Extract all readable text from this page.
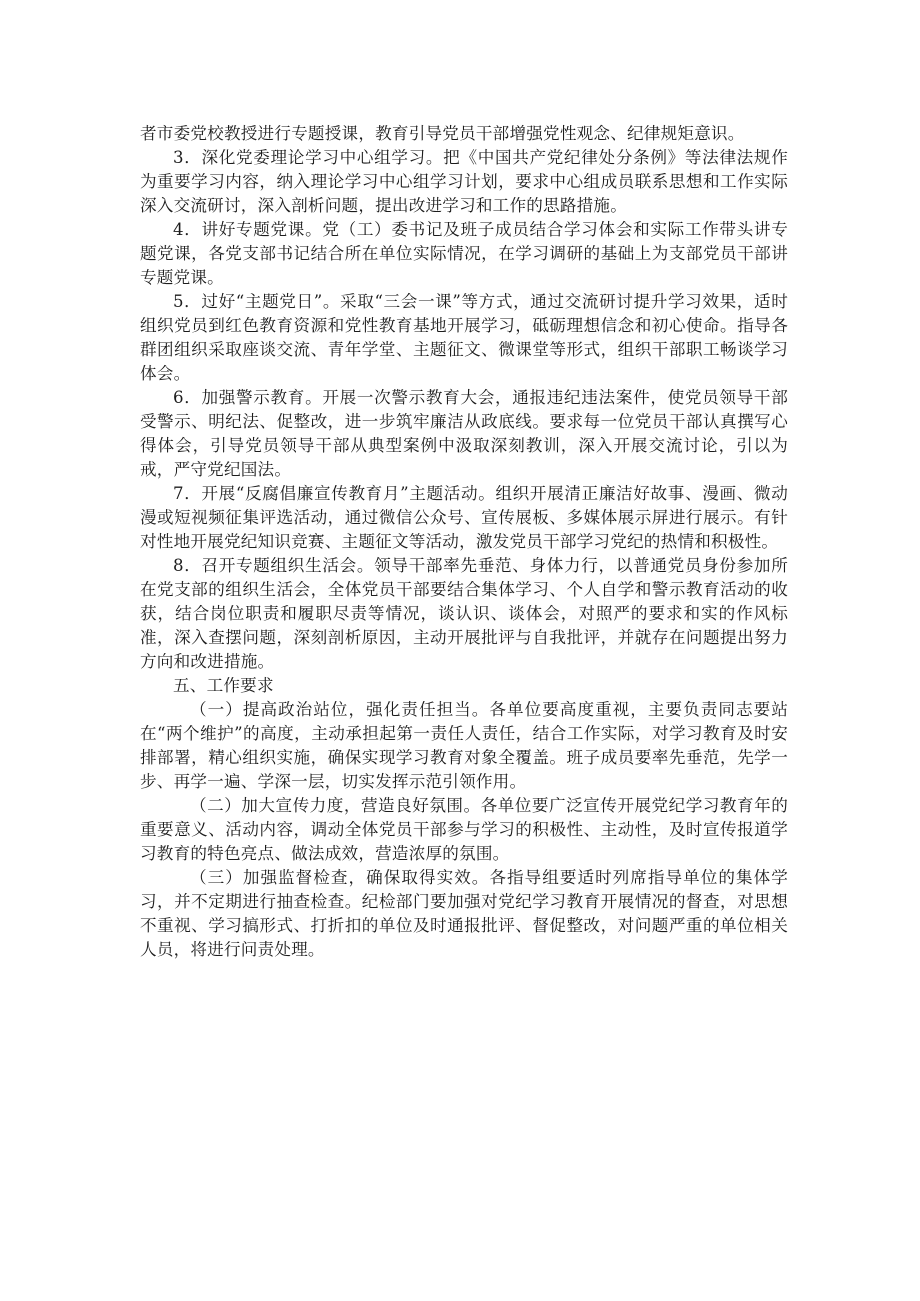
者市委党校教授进行专题授课，教育引导党员干部增强党性观念、纪律规矩意识。

3．深化党委理论学习中心组学习。把《中国共产党纪律处分条例》等法律法规作为重要学习内容，纳入理论学习中心组学习计划，要求中心组成员联系思想和工作实际深入交流研讨，深入剖析问题，提出改进学习和工作的思路措施。

4．讲好专题党课。党（工）委书记及班子成员结合学习体会和实际工作带头讲专题党课，各党支部书记结合所在单位实际情况，在学习调研的基础上为支部党员干部讲专题党课。

5．过好“主题党日”。采取“三会一课”等方式，通过交流研讨提升学习效果，适时组织党员到红色教育资源和党性教育基地开展学习，砥砺理想信念和初心使命。指导各群团组织采取座谈交流、青年学堂、主题征文、微课堂等形式，组织干部职工畅谈学习体会。

6．加强警示教育。开展一次警示教育大会，通报违纪违法案件，使党员领导干部受警示、明纪法、促整改，进一步筑牢廉洁从政底线。要求每一位党员干部认真撰写心得体会，引导党员领导干部从典型案例中汲取深刻教训，深入开展交流讨论，引以为戒，严守党纪国法。

7．开展“反腐倡廉宣传教育月”主题活动。组织开展清正廉洁好故事、漫画、微动漫或短视频征集评选活动，通过微信公众号、宣传展板、多媒体展示屏进行展示。有针对性地开展党纪知识竞赛、主题征文等活动，激发党员干部学习党纪的热情和积极性。

8．召开专题组织生活会。领导干部率先垂范、身体力行，以普通党员身份参加所在党支部的组织生活会，全体党员干部要结合集体学习、个人自学和警示教育活动的收获，结合岗位职责和履职尽责等情况，谈认识、谈体会，对照严的要求和实的作风标准，深入查摆问题，深刻剖析原因，主动开展批评与自我批评，并就存在问题提出努力方向和改进措施。

五、工作要求

（一）提高政治站位，强化责任担当。各单位要高度重视，主要负责同志要站在“两个维护”的高度，主动承担起第一责任人责任，结合工作实际，对学习教育及时安排部署，精心组织实施，确保实现学习教育对象全覆盖。班子成员要率先垂范，先学一步、再学一遍、学深一层，切实发挥示范引领作用。

（二）加大宣传力度，营造良好氛围。各单位要广泛宣传开展党纪学习教育年的重要意义、活动内容，调动全体党员干部参与学习的积极性、主动性，及时宣传报道学习教育的特色亮点、做法成效，营造浓厚的氛围。

（三）加强监督检查，确保取得实效。各指导组要适时列席指导单位的集体学习，并不定期进行抽查检查。纪检部门要加强对党纪学习教育开展情况的督查，对思想不重视、学习搞形式、打折扣的单位及时通报批评、督促整改，对问题严重的单位相关人员，将进行问责处理。
